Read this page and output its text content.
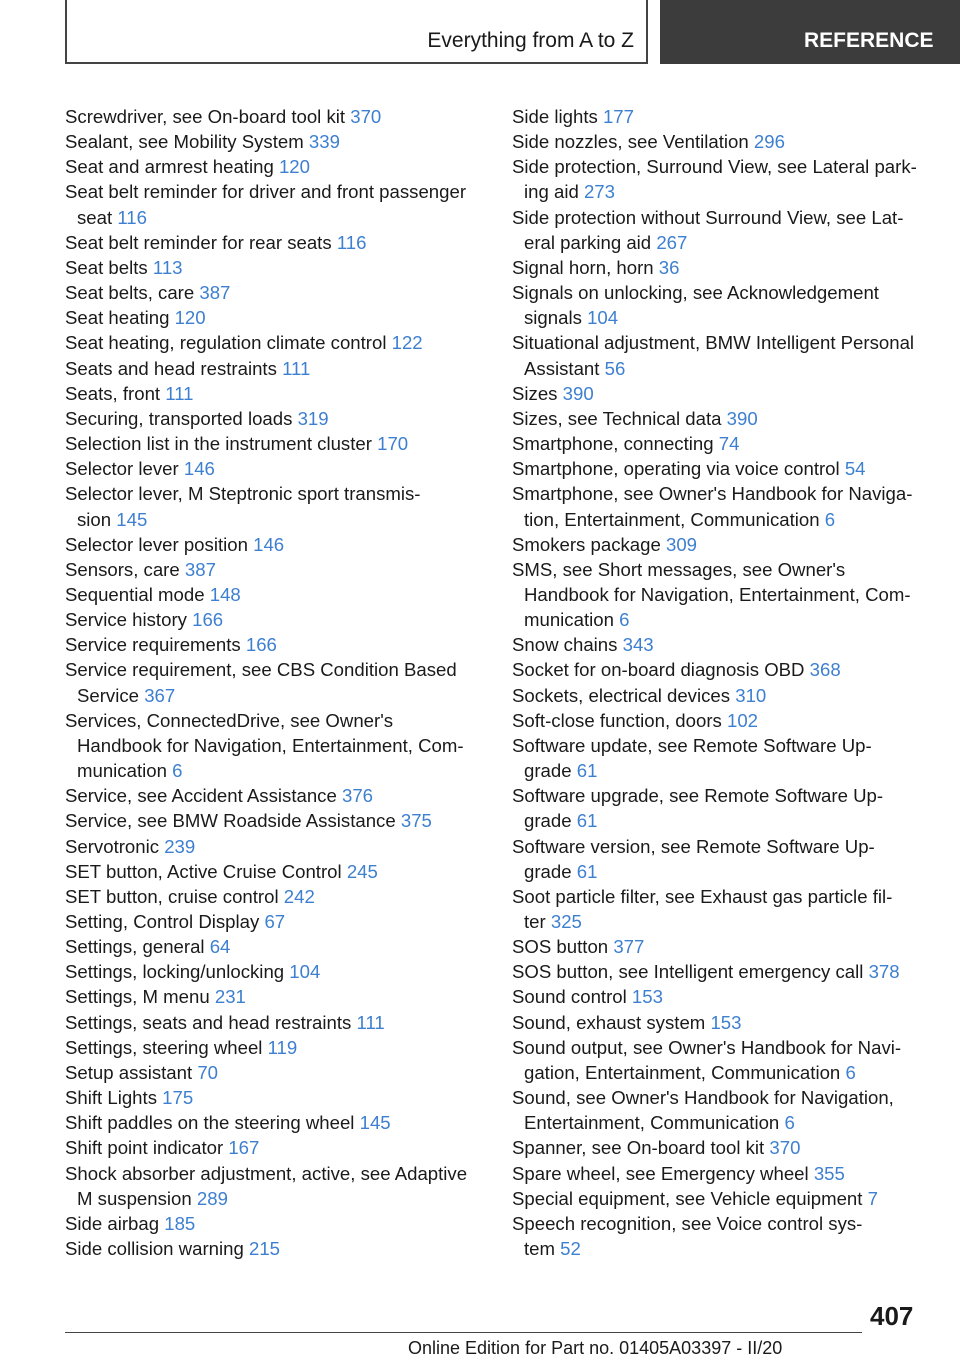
Everything from A to Z	REFERENCE
Screwdriver, see On-board tool kit 370
Sealant, see Mobility System 339
Seat and armrest heating 120
Seat belt reminder for driver and front passenger
seat 116
Seat belt reminder for rear seats 116
Seat belts 113
Seat belts, care 387
Seat heating 120
Seat heating, regulation climate control 122
Seats and head restraints 111
Seats, front 111
Securing, transported loads 319
Selection list in the instrument cluster 170
Selector lever 146
Selector lever, M Steptronic sport transmis-
sion 145
Selector lever position 146
Sensors, care 387
Sequential mode 148
Service history 166
Service requirements 166
Service requirement, see CBS Condition Based
Service 367
Services, ConnectedDrive, see Owner's
Handbook for Navigation, Entertainment, Com-
munication 6
Service, see Accident Assistance 376
Service, see BMW Roadside Assistance 375
Servotronic 239
SET button, Active Cruise Control 245
SET button, cruise control 242
Setting, Control Display 67
Settings, general 64
Settings, locking/unlocking 104
Settings, M menu 231
Settings, seats and head restraints 111
Settings, steering wheel 119
Setup assistant 70
Shift Lights 175
Shift paddles on the steering wheel 145
Shift point indicator 167
Shock absorber adjustment, active, see Adaptive
M suspension 289
Side airbag 185
Side collision warning 215
Side lights 177
Side nozzles, see Ventilation 296
Side protection, Surround View, see Lateral park-
ing aid 273
Side protection without Surround View, see Lat-
eral parking aid 267
Signal horn, horn 36
Signals on unlocking, see Acknowledgement
signals 104
Situational adjustment, BMW Intelligent Personal
Assistant 56
Sizes 390
Sizes, see Technical data 390
Smartphone, connecting 74
Smartphone, operating via voice control 54
Smartphone, see Owner's Handbook for Naviga-
tion, Entertainment, Communication 6
Smokers package 309
SMS, see Short messages, see Owner's
Handbook for Navigation, Entertainment, Com-
munication 6
Snow chains 343
Socket for on-board diagnosis OBD 368
Sockets, electrical devices 310
Soft-close function, doors 102
Software update, see Remote Software Up-
grade 61
Software upgrade, see Remote Software Up-
grade 61
Software version, see Remote Software Up-
grade 61
Soot particle filter, see Exhaust gas particle fil-
ter 325
SOS button 377
SOS button, see Intelligent emergency call 378
Sound control 153
Sound, exhaust system 153
Sound output, see Owner's Handbook for Navi-
gation, Entertainment, Communication 6
Sound, see Owner's Handbook for Navigation,
Entertainment, Communication 6
Spanner, see On-board tool kit 370
Spare wheel, see Emergency wheel 355
Special equipment, see Vehicle equipment 7
Speech recognition, see Voice control sys-
tem 52
407
Online Edition for Part no. 01405A03397 - II/20
